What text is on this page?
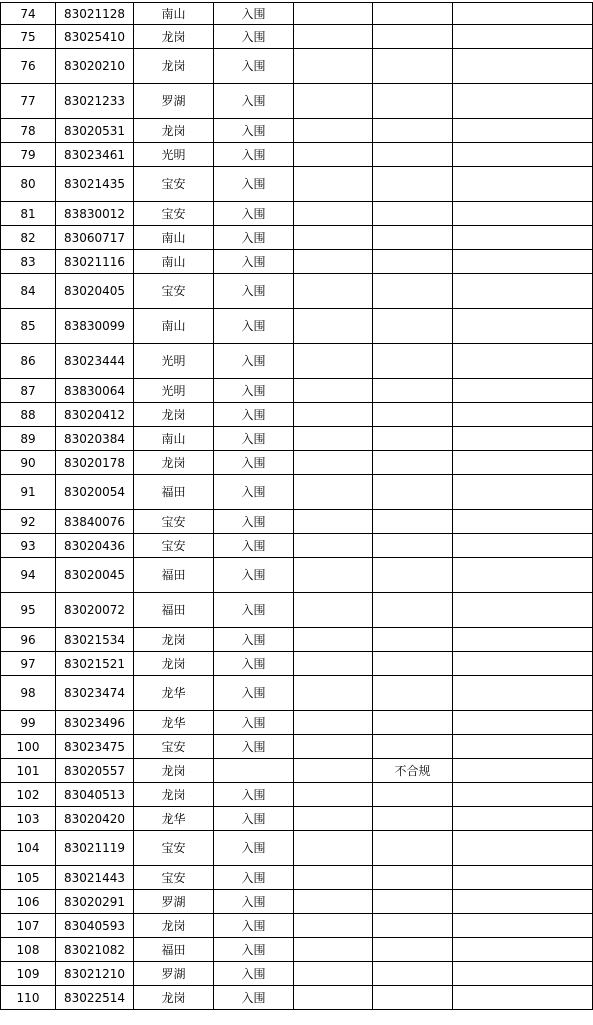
74	83021128	南山	入围			
75	83025410	龙岗	入围			
76	83020210	龙岗	入围			
77	83021233	罗湖	入围			
78	83020531	龙岗	入围			
79	83023461	光明	入围			
80	83021435	宝安	入围			
81	83830012	宝安	入围			
82	83060717	南山	入围			
83	83021116	南山	入围			
84	83020405	宝安	入围			
85	83830099	南山	入围			
86	83023444	光明	入围			
87	83830064	光明	入围			
88	83020412	龙岗	入围			
89	83020384	南山	入围			
90	83020178	龙岗	入围			
91	83020054	福田	入围			
92	83840076	宝安	入围			
93	83020436	宝安	入围			
94	83020045	福田	入围			
95	83020072	福田	入围			
96	83021534	龙岗	入围			
97	83021521	龙岗	入围			
98	83023474	龙华	入围			
99	83023496	龙华	入围			
100	83023475	宝安	入围			
101	83020557	龙岗			不合规	
102	83040513	龙岗	入围			
103	83020420	龙华	入围			
104	83021119	宝安	入围			
105	83021443	宝安	入围			
106	83020291	罗湖	入围			
107	83040593	龙岗	入围			
108	83021082	福田	入围			
109	83021210	罗湖	入围			
110	83022514	龙岗	入围			
